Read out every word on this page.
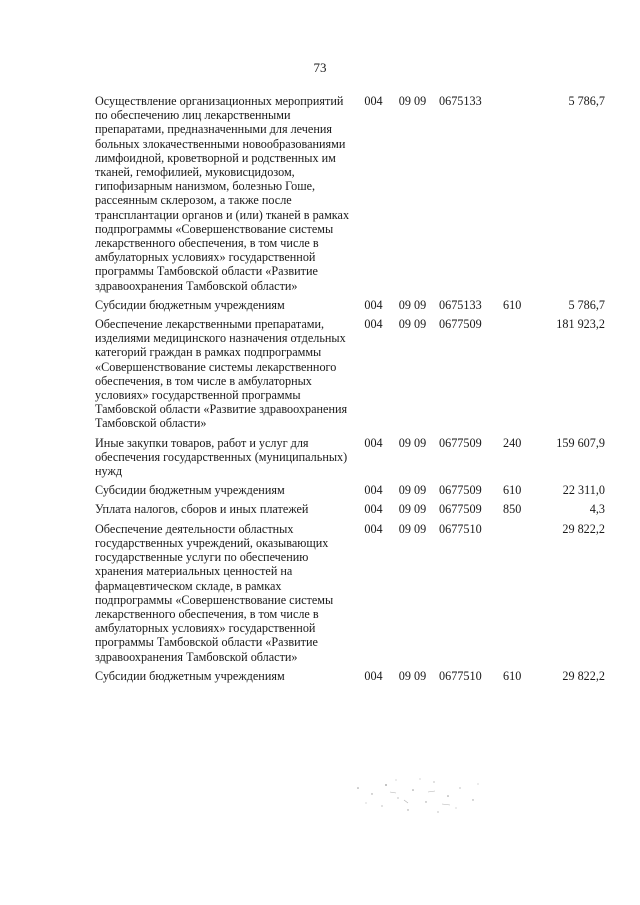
73
Осуществление организационных мероприятий по обеспечению лиц лекарственными препаратами, предназначенными для лечения больных злокачественными новообразованиями лимфоидной, кроветворной и родственных им тканей, гемофилией, муковисцидозом, гипофизарным нанизмом, болезнью Гоше, рассеянным склерозом, а также после трансплантации органов и (или) тканей в рамках подпрограммы «Совершенствование системы лекарственного обеспечения, в том числе в амбулаторных условиях» государственной программы Тамбовской области «Развитие здравоохранения Тамбовской области»	004	09 09	0675133		5 786,7
Субсидии бюджетным учреждениям	004	09 09	0675133	610	5 786,7
Обеспечение лекарственными препаратами, изделиями медицинского назначения отдельных категорий граждан в рамках подпрограммы «Совершенствование системы лекарственного обеспечения, в том числе в амбулаторных условиях» государственной программы Тамбовской области «Развитие здравоохранения Тамбовской области»	004	09 09	0677509		181 923,2
Иные закупки товаров, работ и услуг для обеспечения государственных (муниципальных) нужд	004	09 09	0677509	240	159 607,9
Субсидии бюджетным учреждениям	004	09 09	0677509	610	22 311,0
Уплата налогов, сборов и иных платежей	004	09 09	0677509	850	4,3
Обеспечение деятельности областных государственных учреждений, оказывающих государственные услуги по обеспечению хранения материальных ценностей на фармацевтическом складе, в рамках подпрограммы «Совершенствование системы лекарственного обеспечения, в том числе в амбулаторных условиях» государственной программы Тамбовской области «Развитие здравоохранения Тамбовской области»	004	09 09	0677510		29 822,2
Субсидии бюджетным учреждениям	004	09 09	0677510	610	29 822,2
